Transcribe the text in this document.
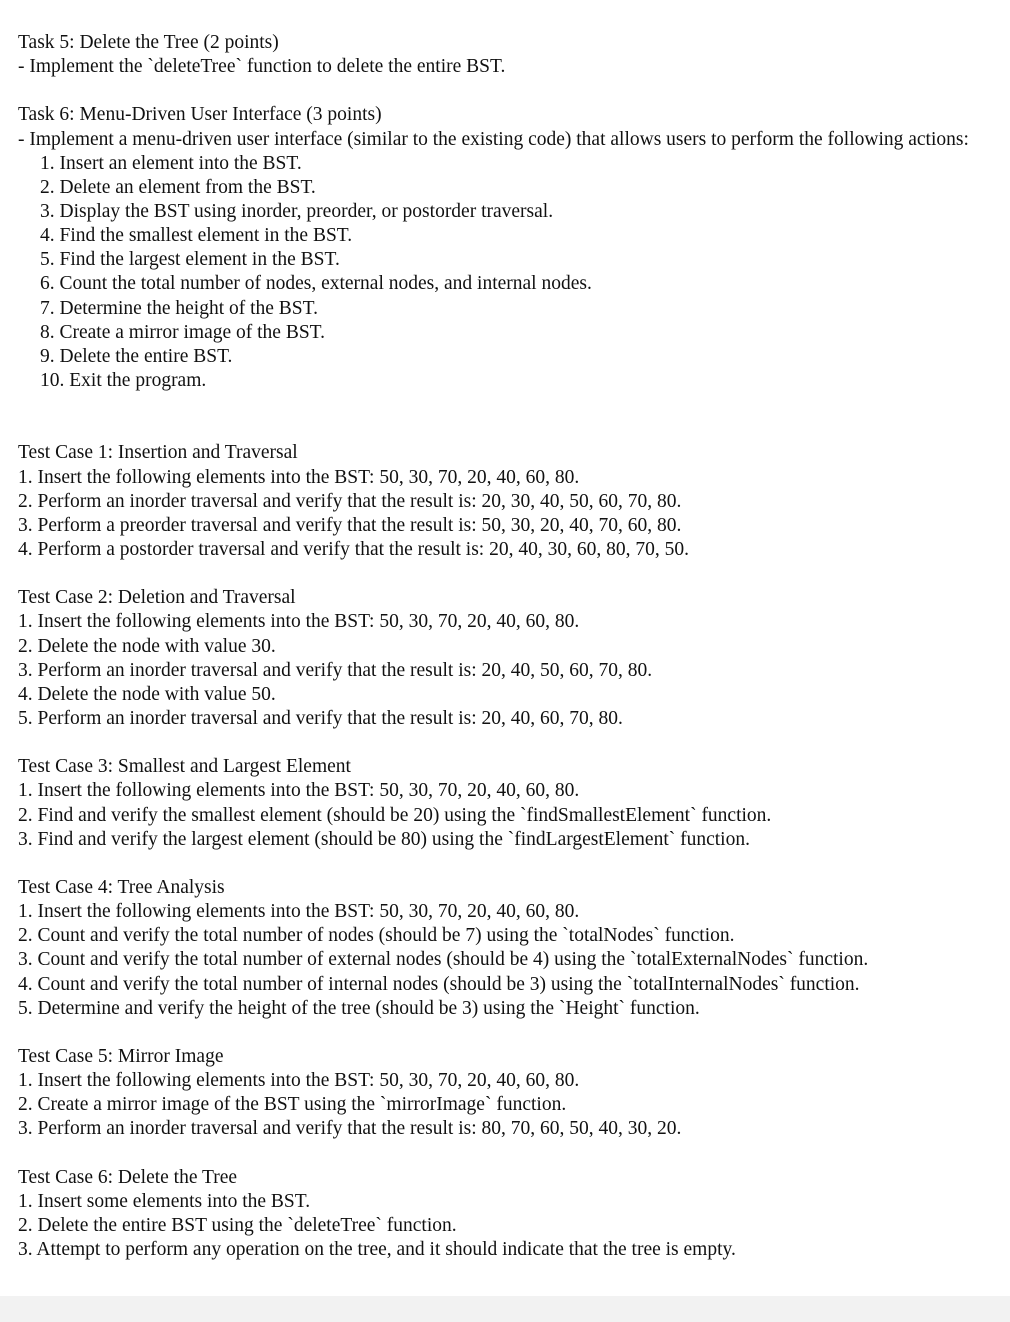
Task 5: Delete the Tree (2 points)
- Implement the `deleteTree` function to delete the entire BST.
Task 6: Menu-Driven User Interface (3 points)
- Implement a menu-driven user interface (similar to the existing code) that allows users to perform the following actions:
1. Insert an element into the BST.
2. Delete an element from the BST.
3. Display the BST using inorder, preorder, or postorder traversal.
4. Find the smallest element in the BST.
5. Find the largest element in the BST.
6. Count the total number of nodes, external nodes, and internal nodes.
7. Determine the height of the BST.
8. Create a mirror image of the BST.
9. Delete the entire BST.
10. Exit the program.
Test Case 1: Insertion and Traversal
1. Insert the following elements into the BST: 50, 30, 70, 20, 40, 60, 80.
2. Perform an inorder traversal and verify that the result is: 20, 30, 40, 50, 60, 70, 80.
3. Perform a preorder traversal and verify that the result is: 50, 30, 20, 40, 70, 60, 80.
4. Perform a postorder traversal and verify that the result is: 20, 40, 30, 60, 80, 70, 50.
Test Case 2: Deletion and Traversal
1. Insert the following elements into the BST: 50, 30, 70, 20, 40, 60, 80.
2. Delete the node with value 30.
3. Perform an inorder traversal and verify that the result is: 20, 40, 50, 60, 70, 80.
4. Delete the node with value 50.
5. Perform an inorder traversal and verify that the result is: 20, 40, 60, 70, 80.
Test Case 3: Smallest and Largest Element
1. Insert the following elements into the BST: 50, 30, 70, 20, 40, 60, 80.
2. Find and verify the smallest element (should be 20) using the `findSmallestElement` function.
3. Find and verify the largest element (should be 80) using the `findLargestElement` function.
Test Case 4: Tree Analysis
1. Insert the following elements into the BST: 50, 30, 70, 20, 40, 60, 80.
2. Count and verify the total number of nodes (should be 7) using the `totalNodes` function.
3. Count and verify the total number of external nodes (should be 4) using the `totalExternalNodes` function.
4. Count and verify the total number of internal nodes (should be 3) using the `totalInternalNodes` function.
5. Determine and verify the height of the tree (should be 3) using the `Height` function.
Test Case 5: Mirror Image
1. Insert the following elements into the BST: 50, 30, 70, 20, 40, 60, 80.
2. Create a mirror image of the BST using the `mirrorImage` function.
3. Perform an inorder traversal and verify that the result is: 80, 70, 60, 50, 40, 30, 20.
Test Case 6: Delete the Tree
1. Insert some elements into the BST.
2. Delete the entire BST using the `deleteTree` function.
3. Attempt to perform any operation on the tree, and it should indicate that the tree is empty.
